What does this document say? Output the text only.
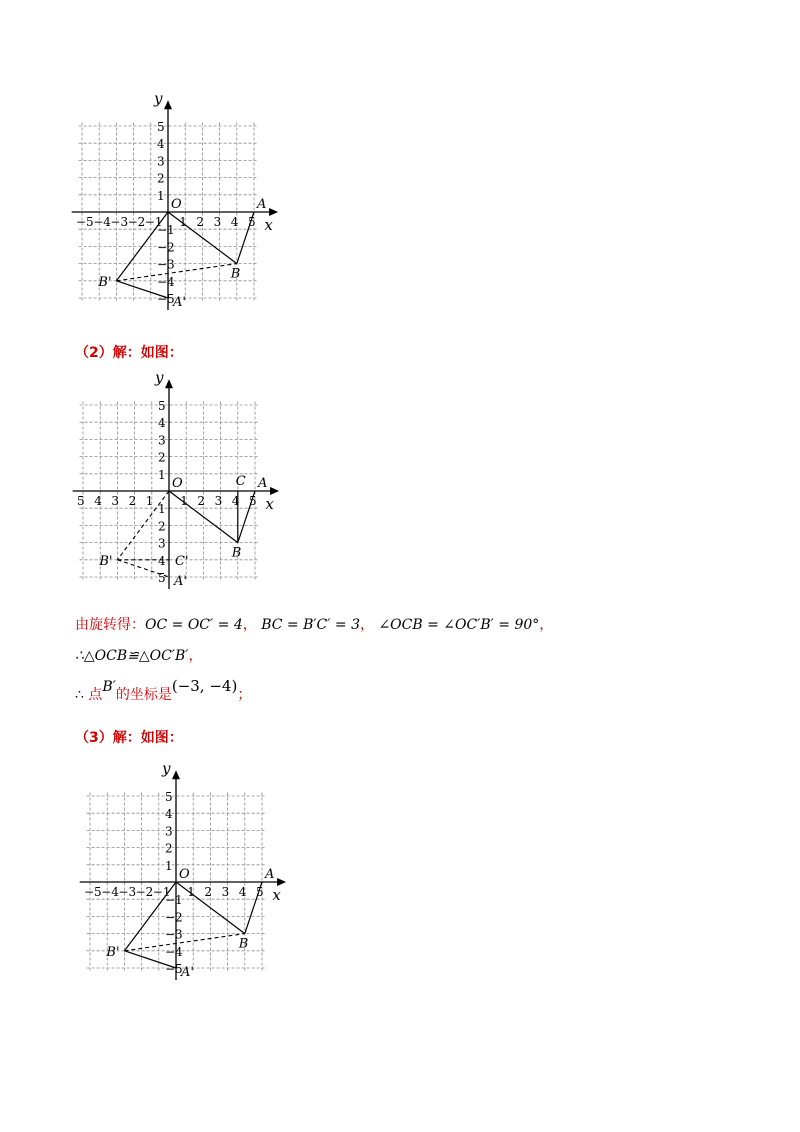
x
y
O
−5 −4 −3 −2 −1 1 2 3 4 5
5
4
3
2
1
−1
−2
−3
−4
−5
A
B
B'
A'
（2）解：如图：
x
y
O
5 4 3 2 1 1 2 3 4 5
5
4
3
2
1
1
2
3
4
5
A
C
B
B'	C'
A'
由旋转得：OC = OC′ = 4， BC = B′C′ = 3， ∠OCB = ∠OC′B′ = 90°，
∴△OCB≌△OC′B′，
∴ 点B′的坐标是(−3, −4)；
（3）解：如图：
x
y
O
−5 −4 −3 −2 −1 1 2 3 4 5
5
4
3
2
1
−1
−2
−3
−4
−5
A
B
B'
A'
